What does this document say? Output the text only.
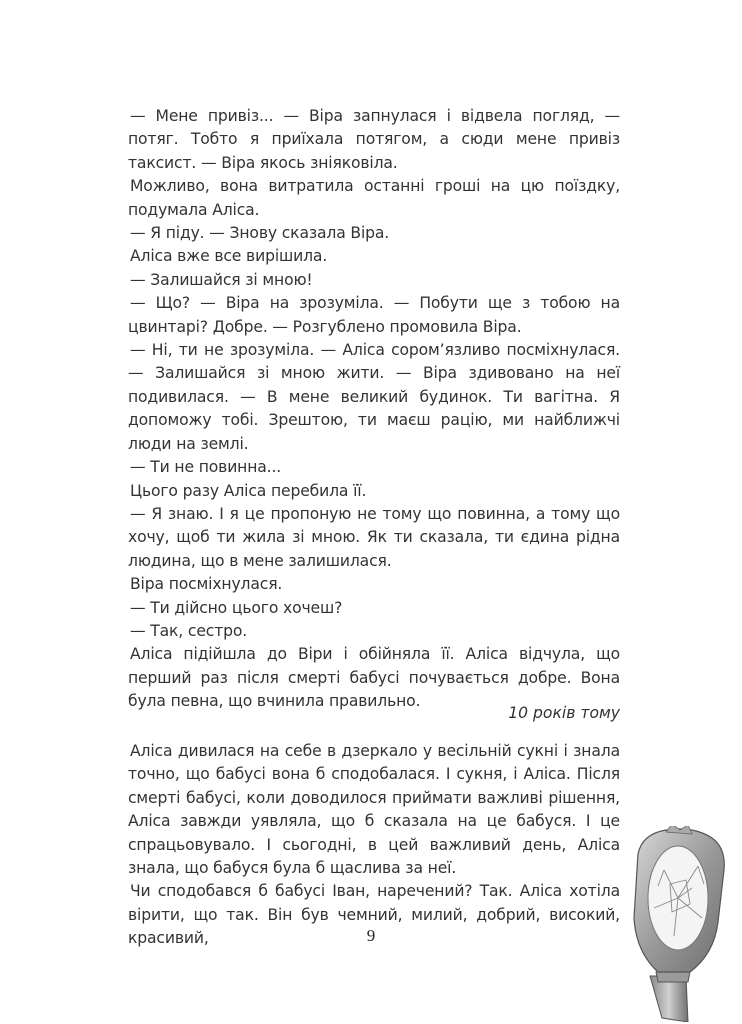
— Мене привіз... — Віра запнулася і відвела погляд, — потяг. Тобто я приїхала потягом, а сюди мене привіз таксист. — Віра якось зніяковіла.

Можливо, вона витратила останні гроші на цю поїздку, подумала Аліса.

— Я піду. — Знову сказала Віра.

Аліса вже все вирішила.

— Залишайся зі мною!

— Що? — Віра на зрозуміла. — Побути ще з тобою на цвинтарі? Добре. — Розгублено промовила Віра.

— Ні, ти не зрозуміла. — Аліса сором’язливо посміхнулася. — Залишайся зі мною жити. — Віра здивовано на неї подивилася. — В мене великий будинок. Ти вагітна. Я допоможу тобі. Зрештою, ти маєш рацію, ми найближчі люди на землі.

— Ти не повинна...

Цього разу Аліса перебила її.

— Я знаю. І я це пропоную не тому що повинна, а тому що хочу, щоб ти жила зі мною. Як ти сказала, ти єдина рідна людина, що в мене залишилася.

Віра посміхнулася.

— Ти дійсно цього хочеш?

— Так, сестро.

Аліса підійшла до Віри і обійняла її. Аліса відчула, що перший раз після смерті бабусі почувається добре. Вона була певна, що вчинила правильно.

10 років тому

Аліса дивилася на себе в дзеркало у весільній сукні і знала точно, що бабусі вона б сподобалася. І сукня, і Аліса. Після смерті бабусі, коли доводилося приймати важливі рішення, Аліса завжди уявляла, що б сказала на це бабуся. І це спрацьовувало. І сьогодні, в цей важливий день, Аліса знала, що бабуся була б щаслива за неї.

Чи сподобався б бабусі Іван, наречений? Так. Аліса хотіла вірити, що так. Він був чемний, милий, добрий, високий, красивий,	9
